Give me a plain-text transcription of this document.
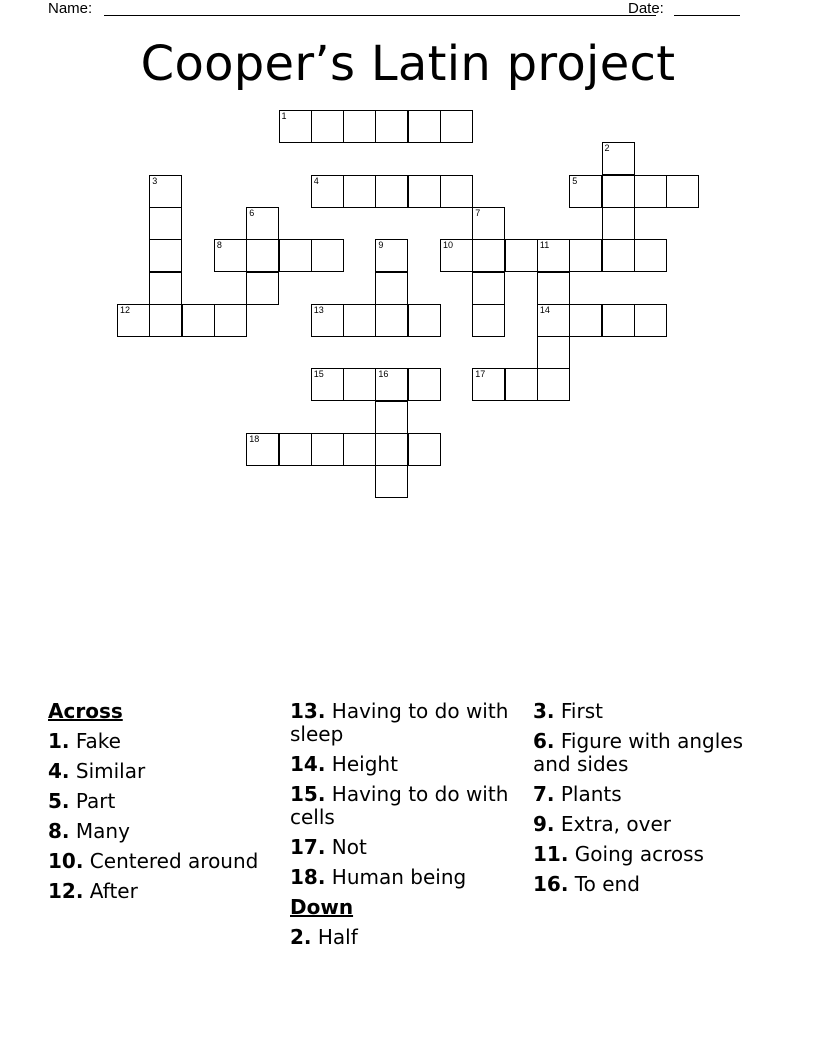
Name:	Date:
Cooper’s Latin project
1
2
3	4	5
6	7
8	9	10	11
12	13	14
15	16	17
18
Across
1. Fake
4. Similar
5. Part
8. Many
10. Centered around
12. After
13. Having to do with sleep
14. Height
15. Having to do with cells
17. Not
18. Human being
Down
2. Half
3. First
6. Figure with angles and sides
7. Plants
9. Extra, over
11. Going across
16. To end
